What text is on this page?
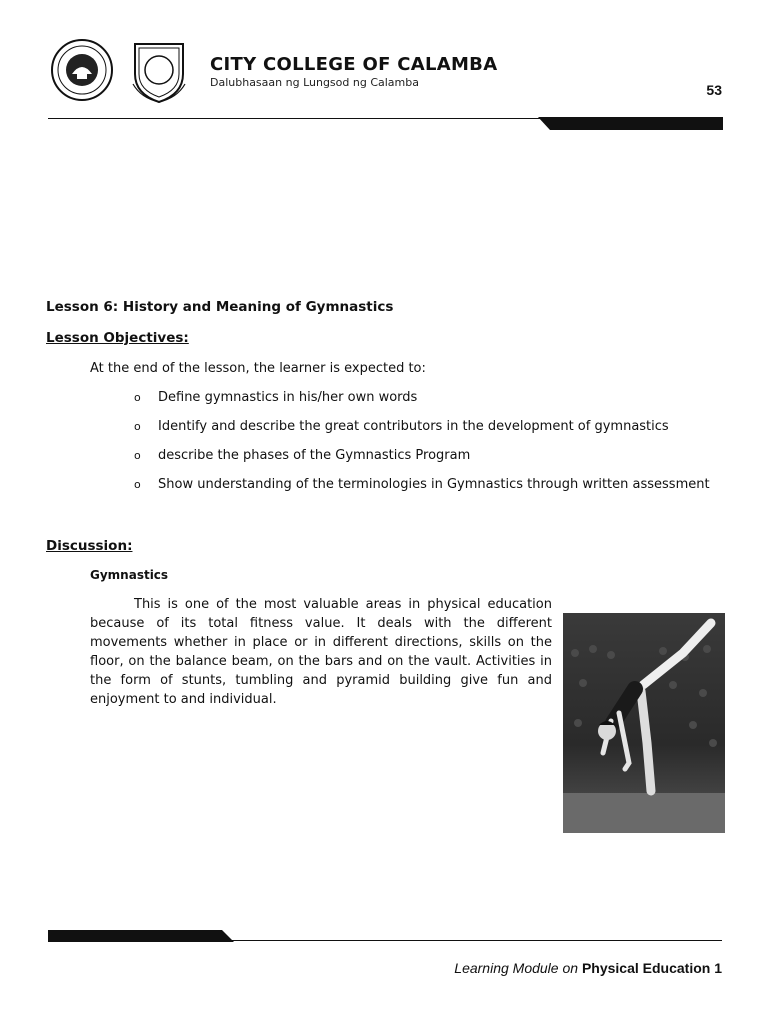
CITY COLLEGE OF CALAMBA
Dalubhasaan ng Lungsod ng Calamba	53
Lesson 6: History and Meaning of Gymnastics
Lesson Objectives:
At the end of the lesson, the learner is expected to:
o Define gymnastics in his/her own words
o Identify and describe the great contributors in the development of gymnastics
o describe the phases of the Gymnastics Program
o Show understanding of the terminologies in Gymnastics through written assessment
Discussion:
Gymnastics

This is one of the most valuable areas in physical education because of its total fitness value. It deals with the different movements whether in place or in different directions, skills on the floor, on the balance beam, on the bars and on the vault. Activities in the form of stunts, tumbling and pyramid building give fun and enjoyment to and individual.

Learning Module on Physical Education 1
